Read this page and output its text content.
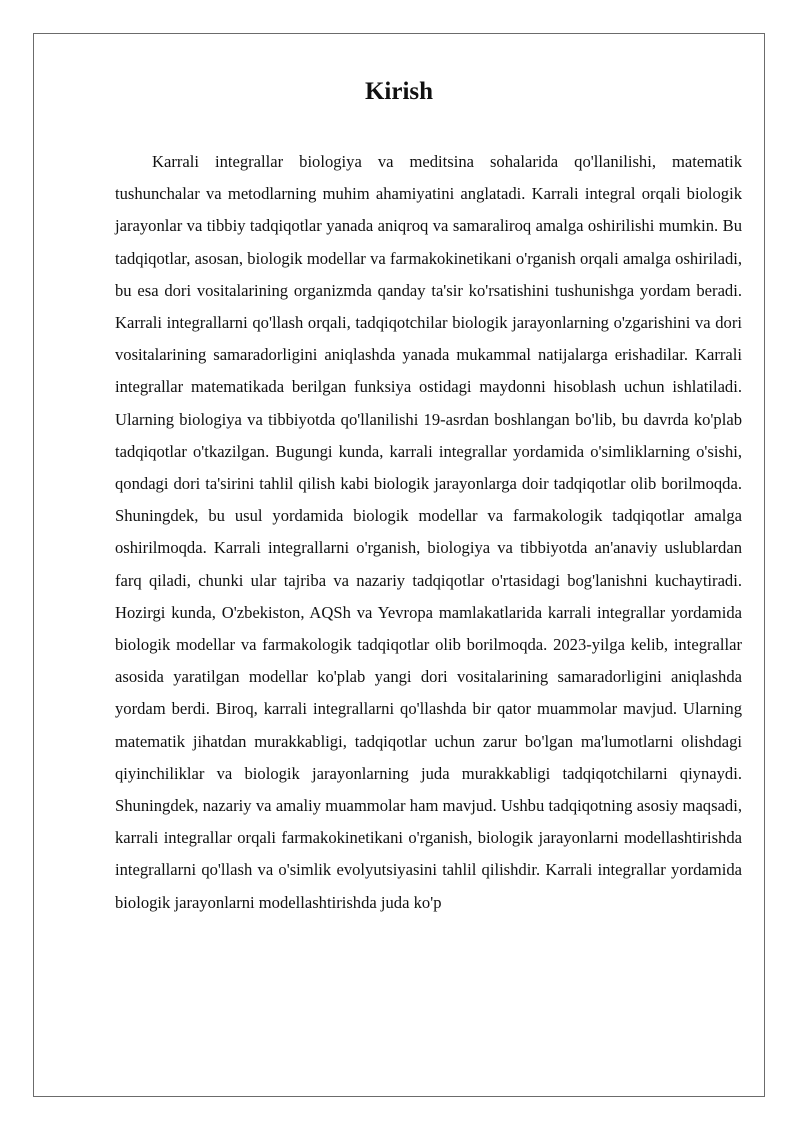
Kirish

Karrali integrallar biologiya va meditsina sohalarida qo'llanilishi, matematik tushunchalar va metodlarning muhim ahamiyatini anglatadi. Karrali integral orqali biologik jarayonlar va tibbiy tadqiqotlar yanada aniqroq va samaraliroq amalga oshirilishi mumkin. Bu tadqiqotlar, asosan, biologik modellar va farmakokinetikani o'rganish orqali amalga oshiriladi, bu esa dori vositalarining organizmda qanday ta'sir ko'rsatishini tushunishga yordam beradi. Karrali integrallarni qo'llash orqali, tadqiqotchilar biologik jarayonlarning o'zgarishini va dori vositalarining samaradorligini aniqlashda yanada mukammal natijalarga erishadilar. Karrali integrallar matematikada berilgan funksiya ostidagi maydonni hisoblash uchun ishlatiladi. Ularning biologiya va tibbiyotda qo'llanilishi 19-asrdan boshlangan bo'lib, bu davrda ko'plab tadqiqotlar o'tkazilgan. Bugungi kunda, karrali integrallar yordamida o'simliklarning o'sishi, qondagi dori ta'sirini tahlil qilish kabi biologik jarayonlarga doir tadqiqotlar olib borilmoqda. Shuningdek, bu usul yordamida biologik modellar va farmakologik tadqiqotlar amalga oshirilmoqda. Karrali integrallarni o'rganish, biologiya va tibbiyotda an'anaviy uslublardan farq qiladi, chunki ular tajriba va nazariy tadqiqotlar o'rtasidagi bog'lanishni kuchaytiradi. Hozirgi kunda, O'zbekiston, AQSh va Yevropa mamlakatlarida karrali integrallar yordamida biologik modellar va farmakologik tadqiqotlar olib borilmoqda. 2023-yilga kelib, integrallar asosida yaratilgan modellar ko'plab yangi dori vositalarining samaradorligini aniqlashda yordam berdi. Biroq, karrali integrallarni qo'llashda bir qator muammolar mavjud. Ularning matematik jihatdan murakkabligi, tadqiqotlar uchun zarur bo'lgan ma'lumotlarni olishdagi qiyinchiliklar va biologik jarayonlarning juda murakkabligi tadqiqotchilarni qiynaydi. Shuningdek, nazariy va amaliy muammolar ham mavjud. Ushbu tadqiqotning asosiy maqsadi, karrali integrallar orqali farmakokinetikani o'rganish, biologik jarayonlarni modellashtirishda integrallarni qo'llash va o'simlik evolyutsiyasini tahlil qilishdir. Karrali integrallar yordamida biologik jarayonlarni modellashtirishda juda ko'p
